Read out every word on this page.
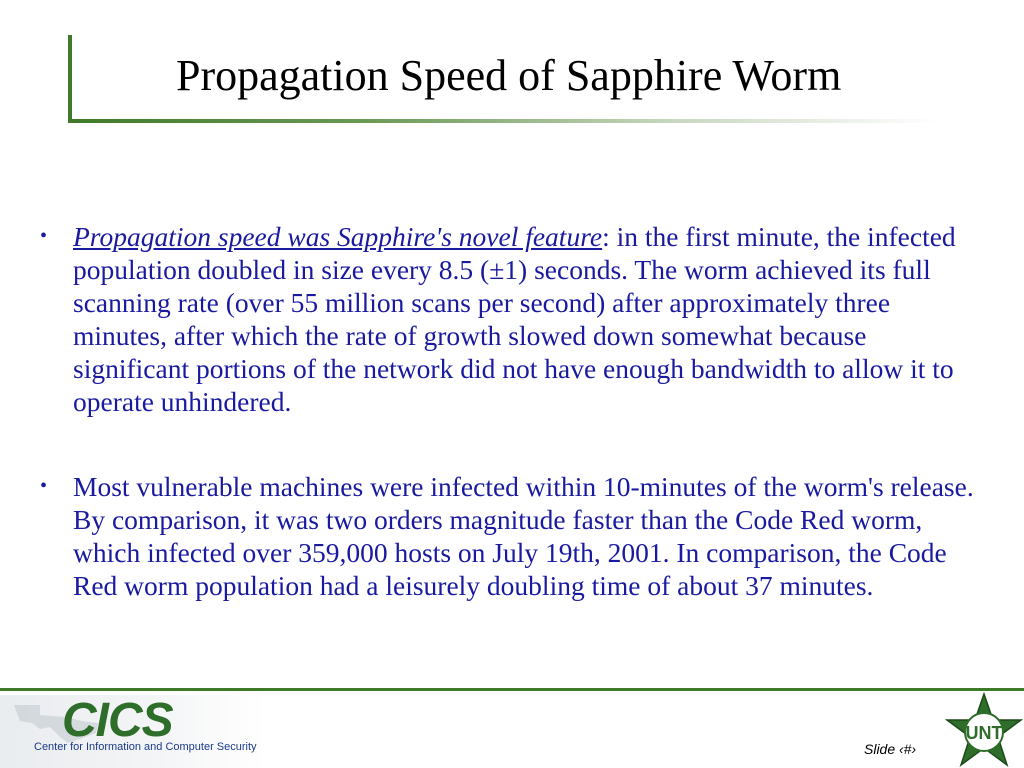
Propagation Speed of Sapphire Worm
• Propagation speed was Sapphire's novel feature: in the first minute, the infected population doubled in size every 8.5 (±1) seconds. The worm achieved its full scanning rate (over 55 million scans per second) after approximately three minutes, after which the rate of growth slowed down somewhat because significant portions of the network did not have enough bandwidth to allow it to operate unhindered.
• Most vulnerable machines were infected within 10-minutes of the worm's release. By comparison, it was two orders magnitude faster than the Code Red worm, which infected over 359,000 hosts on July 19th, 2001. In comparison, the Code Red worm population had a leisurely doubling time of about 37 minutes.
CICS
Center for Information and Computer Security	Slide ‹#›
UNT
